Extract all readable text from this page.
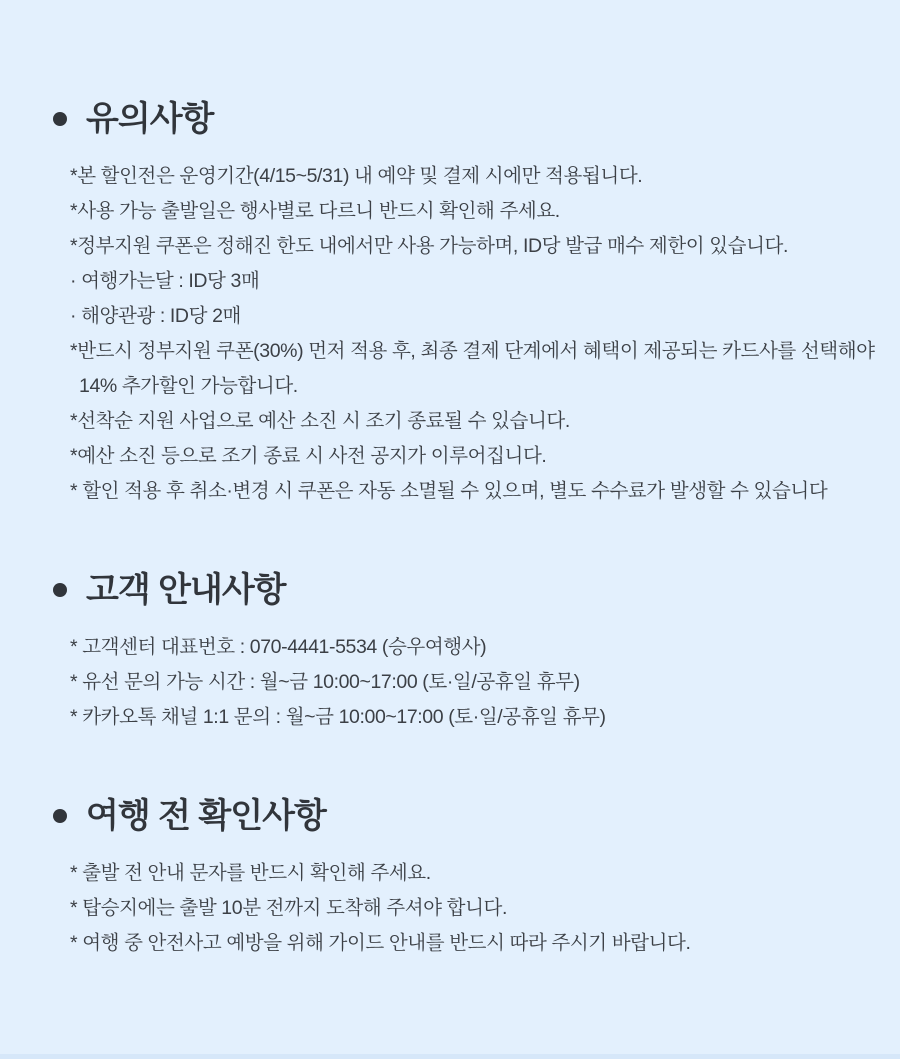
유의사항

*본 할인전은 운영기간(4/15~5/31) 내 예약 및 결제 시에만 적용됩니다.

*사용 가능 출발일은 행사별로 다르니 반드시 확인해 주세요.

*정부지원 쿠폰은 정해진 한도 내에서만 사용 가능하며, ID당 발급 매수 제한이 있습니다.

· 여행가는달 : ID당 3매

· 해양관광 : ID당 2매

*반드시 정부지원 쿠폰(30%) 먼저 적용 후, 최종 결제 단계에서 혜택이 제공되는 카드사를 선택해야

14% 추가할인 가능합니다.

*선착순 지원 사업으로 예산 소진 시 조기 종료될 수 있습니다.

*예산 소진 등으로 조기 종료 시 사전 공지가 이루어집니다.

* 할인 적용 후 취소·변경 시 쿠폰은 자동 소멸될 수 있으며, 별도 수수료가 발생할 수 있습니다

고객 안내사항

* 고객센터 대표번호 : 070-4441-5534 (승우여행사)

* 유선 문의 가능 시간 : 월~금 10:00~17:00 (토·일/공휴일 휴무)

* 카카오톡 채널 1:1 문의 : 월~금 10:00~17:00 (토·일/공휴일 휴무)

여행 전 확인사항

* 출발 전 안내 문자를 반드시 확인해 주세요.

* 탑승지에는 출발 10분 전까지 도착해 주셔야 합니다.

* 여행 중 안전사고 예방을 위해 가이드 안내를 반드시 따라 주시기 바랍니다.
